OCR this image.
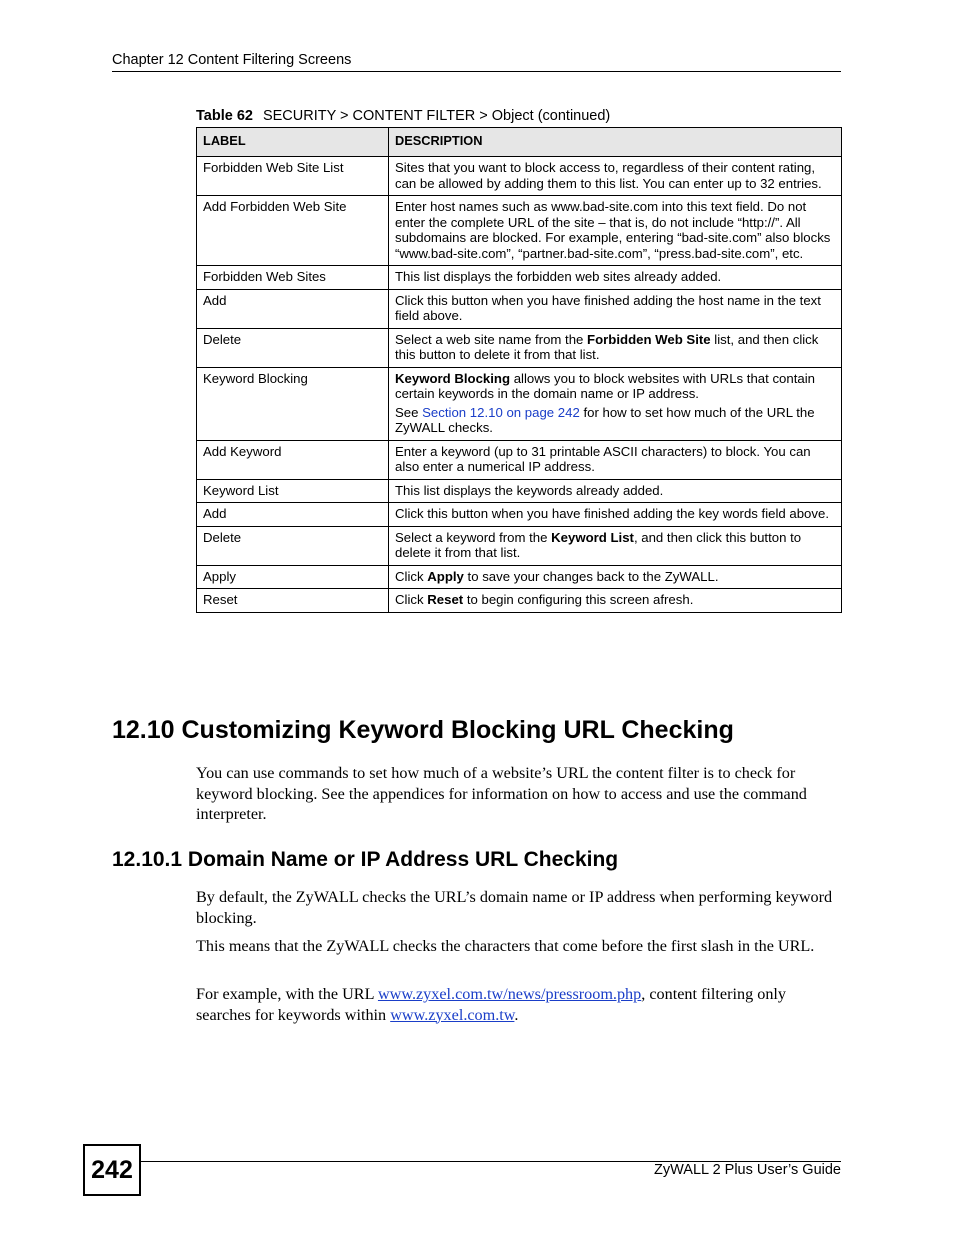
Chapter 12 Content Filtering Screens
Table 62 SECURITY > CONTENT FILTER > Object (continued)
LABEL	DESCRIPTION
Forbidden Web Site List	Sites that you want to block access to, regardless of their content rating, can be allowed by adding them to this list. You can enter up to 32 entries.
Add Forbidden Web Site	Enter host names such as www.bad-site.com into this text field. Do not enter the complete URL of the site – that is, do not include “http://”. All subdomains are blocked. For example, entering “bad-site.com” also blocks “www.bad-site.com”, “partner.bad-site.com”, “press.bad-site.com”, etc.
Forbidden Web Sites	This list displays the forbidden web sites already added.
Add	Click this button when you have finished adding the host name in the text field above.
Delete	Select a web site name from the Forbidden Web Site list, and then click this button to delete it from that list.
Keyword Blocking	Keyword Blocking allows you to block websites with URLs that contain certain keywords in the domain name or IP address.

See Section 12.10 on page 242 for how to set how much of the URL the ZyWALL checks.

Add Keyword	Enter a keyword (up to 31 printable ASCII characters) to block. You can also enter a numerical IP address.
Keyword List	This list displays the keywords already added.
Add	Click this button when you have finished adding the key words field above.
Delete	Select a keyword from the Keyword List, and then click this button to delete it from that list.
Apply	Click Apply to save your changes back to the ZyWALL.
Reset	Click Reset to begin configuring this screen afresh.
12.10 Customizing Keyword Blocking URL Checking

You can use commands to set how much of a website’s URL the content filter is to check for keyword blocking. See the appendices for information on how to access and use the command interpreter.

12.10.1 Domain Name or IP Address URL Checking

By default, the ZyWALL checks the URL’s domain name or IP address when performing keyword blocking.

This means that the ZyWALL checks the characters that come before the first slash in the URL.

For example, with the URL www.zyxel.com.tw/news/pressroom.php, content filtering only searches for keywords within www.zyxel.com.tw.

242	ZyWALL 2 Plus User’s Guide
